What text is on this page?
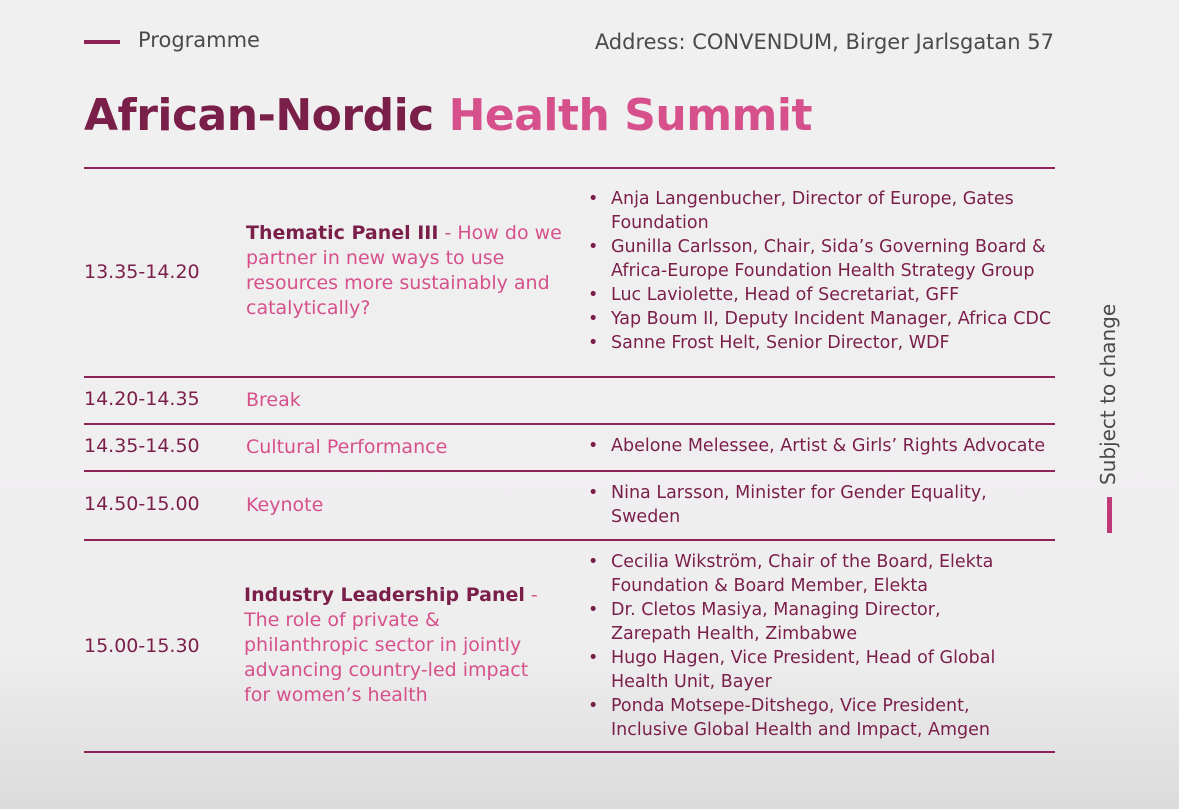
Programme	Address: CONVENDUM, Birger Jarlsgatan 57
African-Nordic Health Summit
13.35-14.20
Thematic Panel III - How do we partner in new ways to use resources more sustainably and catalytically?
• Anja Langenbucher, Director of Europe, Gates Foundation
• Gunilla Carlsson, Chair, Sida’s Governing Board & Africa-Europe Foundation Health Strategy Group
• Luc Laviolette, Head of Secretariat, GFF
• Yap Boum II, Deputy Incident Manager, Africa CDC
• Sanne Frost Helt, Senior Director, WDF
14.20-14.35 Break
14.35-14.50 Cultural Performance
•	Abelone Melessee, Artist & Girls’ Rights Advocate
14.50-15.00 Keynote
• Nina Larsson, Minister for Gender Equality, Sweden
15.00-15.30
Industry Leadership Panel - The role of private & philanthropic sector in jointly advancing country-led impact for women’s health
• Cecilia Wikström, Chair of the Board, Elekta Foundation & Board Member, Elekta
• Dr. Cletos Masiya, Managing Director, Zarepath Health, Zimbabwe
• Hugo Hagen, Vice President, Head of Global Health Unit, Bayer
• Ponda Motsepe-Ditshego, Vice President, Inclusive Global Health and Impact, Amgen
Subject to change
